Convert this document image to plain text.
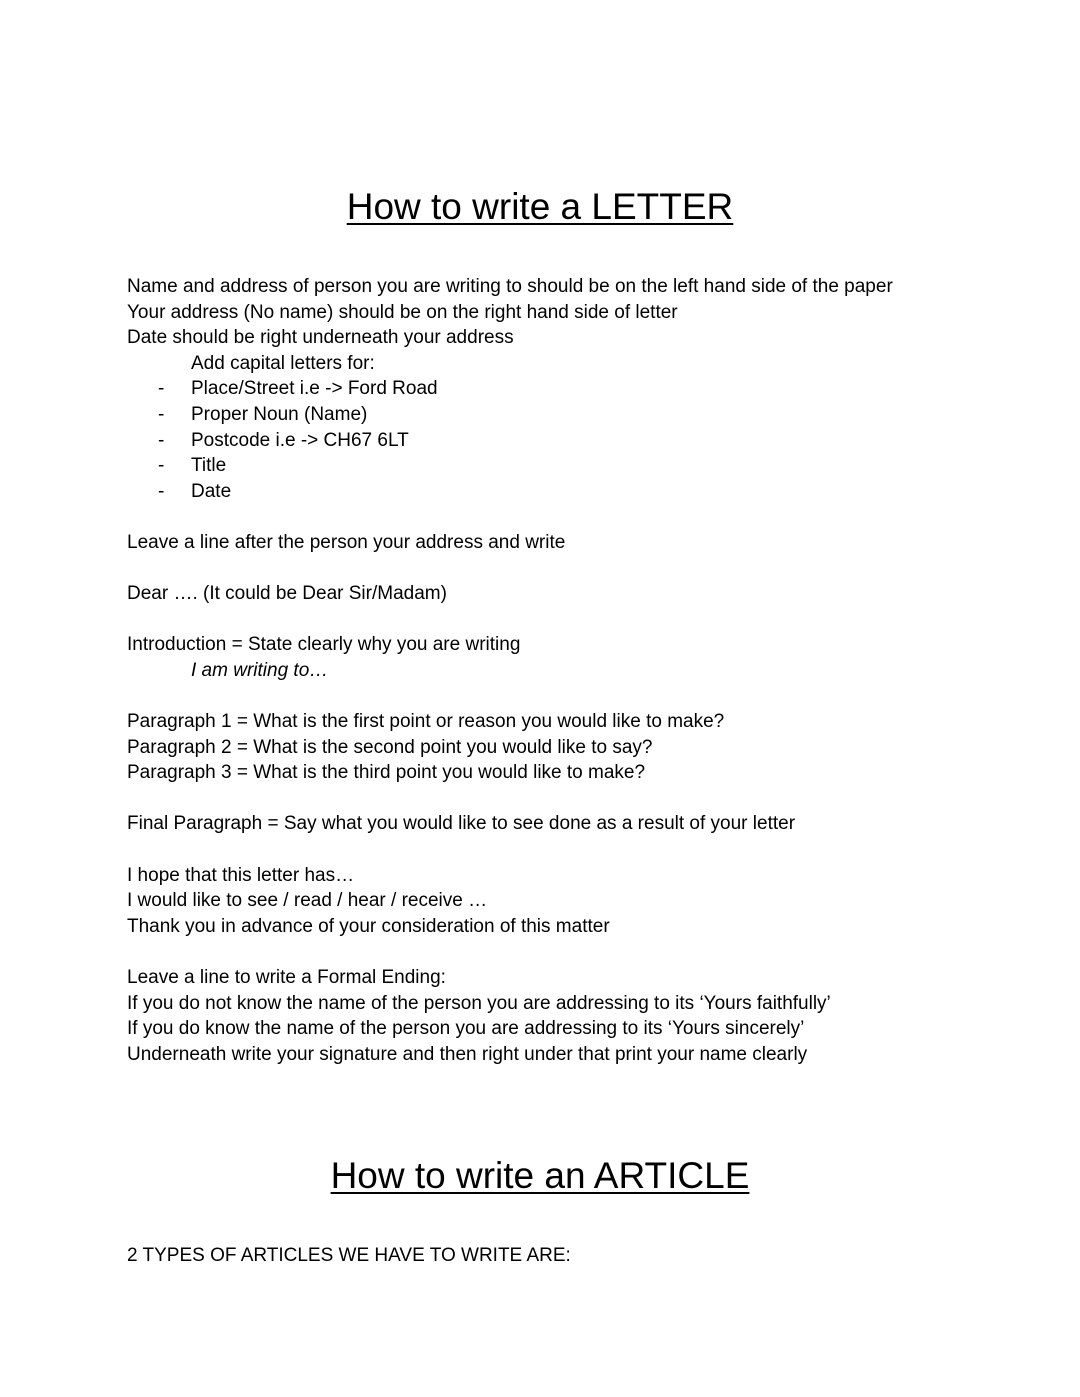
How to write a LETTER
Name and address of person you are writing to should be on the left hand side of the paper
Your address (No name) should be on the right hand side of letter
Date should be right underneath your address
Add capital letters for:
- Place/Street i.e -> Ford Road
- Proper Noun (Name)
- Postcode i.e -> CH67 6LT
- Title
- Date
Leave a line after the person your address and write
Dear …. (It could be Dear Sir/Madam)
Introduction = State clearly why you are writing
I am writing to…
Paragraph 1 = What is the first point or reason you would like to make?
Paragraph 2 = What is the second point you would like to say?
Paragraph 3 = What is the third point you would like to make?
Final Paragraph = Say what you would like to see done as a result of your letter
I hope that this letter has…
I would like to see / read / hear / receive …
Thank you in advance of your consideration of this matter
Leave a line to write a Formal Ending:
If you do not know the name of the person you are addressing to its ‘Yours faithfully’
If you do know the name of the person you are addressing to its ‘Yours sincerely’
Underneath write your signature and then right under that print your name clearly
How to write an ARTICLE
2 TYPES OF ARTICLES WE HAVE TO WRITE ARE:
